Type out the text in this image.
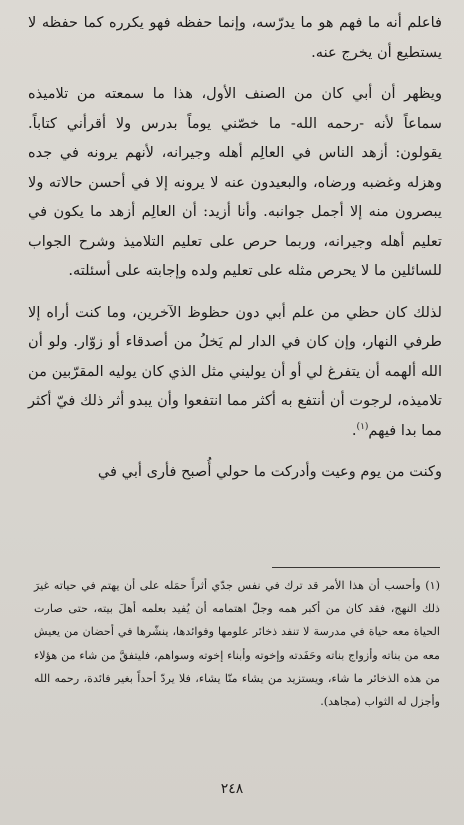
فاعلم أنه ما فهم هو ما يدرّسه، وإنما حفظه فهو يكرره كما حفظه لا يستطيع أن يخرج عنه.

ويظهر أن أبي كان من الصنف الأول، هذا ما سمعته من تلاميذه سماعاً لأنه -رحمه الله- ما خصّني يوماً بدرس ولا أقرأني كتاباً. يقولون: أزهد الناس في العالِم أهله وجيرانه، لأنهم يرونه في جده وهزله وغضبه ورضاه، والبعيدون عنه لا يرونه إلا في أحسن حالاته ولا يبصرون منه إلا أجمل جوانبه. وأنا أزيد: أن العالِم أزهد ما يكون في تعليم أهله وجيرانه، وربما حرص على تعليم التلاميذ وشرح الجواب للسائلين ما لا يحرص مثله على تعليم ولده وإجابته على أسئلته.

لذلك كان حظي من علم أبي دون حظوظ الآخرين، وما كنت أراه إلا طرفي النهار، وإن كان في الدار لم يَخلُ من أصدقاء أو زوّار. ولو أن الله ألهمه أن يتفرغ لي أو أن يوليني مثل الذي كان يوليه المقرّبين من تلاميذه، لرجوت أن أنتفع به أكثر مما انتفعوا وأن يبدو أثر ذلك فيّ أكثر مما بدا فيهم$^{(١)}$.

وكنت من يوم وعيت وأدركت ما حولي أُصبح فأرى أبي في

(١) وأحسب أن هذا الأمر قد ترك في نفس جدّي أثراً حمَله على أن يهتم في حياته غيرَ ذلك النهج، فقد كان من أكبر همه وجلّ اهتمامه أن يُفيد بعلمه أهلَ بيته، حتى صارت الحياة معه حياة في مدرسة لا تنفد ذخائر علومها وفوائدها، ينشّرها في أحضان من يعيش معه من بناته وأزواج بناته وحَفَدته وإخوته وأبناء إخوته وسواهم، فليتفقَّ من شاء من هؤلاء من هذه الذخائر ما شاء، ويستزيد من يشاء منّا يشاء، فلا يردّ أحداً بغير فائدة، رحمه الله وأجزل له الثواب (مجاهد).

٢٤٨
